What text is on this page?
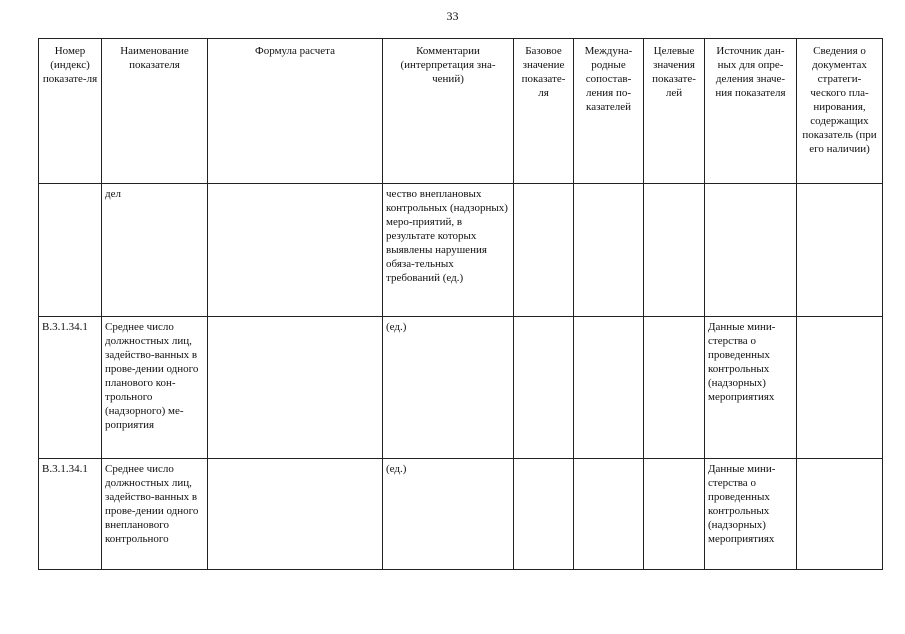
33
Номер (индекс) показате-ля	Наименование показателя	Формула расчета	Комментарии (интерпретация зна-чений)	Базовое значение показате-ля	Междуна-родные сопостав-ления по-казателей	Целевые значения показате-лей	Источник дан-ных для опре-деления значе-ния показателя	Сведения о документах стратеги-ческого пла-нирования, содержащих показатель (при его наличии)
	дел		чество внеплановых контрольных (надзорных) меро-приятий, в результате которых выявлены нарушения обяза-тельных требований (ед.)					
В.3.1.34.1	Среднее число должностных лиц, задейство-ванных в прове-дении одного планового кон-трольного (надзорного) ме-роприятия		(ед.)				Данные мини-стерства о проведенных контрольных (надзорных) мероприятиях	
В.3.1.34.1	Среднее число должностных лиц, задейство-ванных в прове-дении одного внепланового контрольного		(ед.)				Данные мини-стерства о проведенных контрольных (надзорных) мероприятиях	
